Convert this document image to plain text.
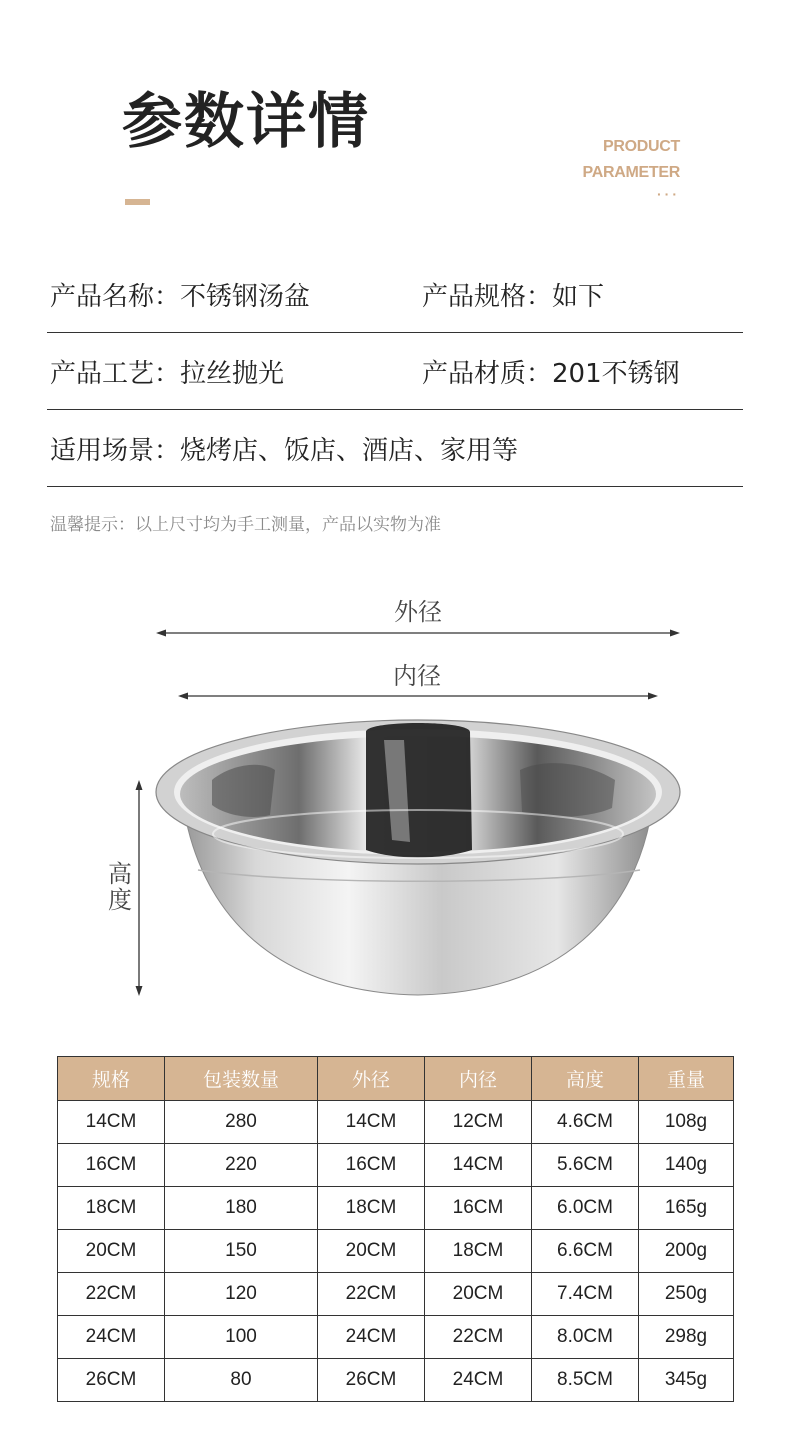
参数详情	PRODUCT
PARAMETER
···
产品名称： 不锈钢汤盆	产品规格： 如下
产品工艺： 拉丝抛光	产品材质： 201不锈钢
适用场景： 烧烤店、饭店、酒店、家用等
温馨提示：以上尺寸均为手工测量，产品以实物为准
外径
内径
高
度
规格	包装数量	外径	内径	高度	重量
14CM	280	14CM	12CM	4.6CM	108g
16CM	220	16CM	14CM	5.6CM	140g
18CM	180	18CM	16CM	6.0CM	165g
20CM	150	20CM	18CM	6.6CM	200g
22CM	120	22CM	20CM	7.4CM	250g
24CM	100	24CM	22CM	8.0CM	298g
26CM	80	26CM	24CM	8.5CM	345g
